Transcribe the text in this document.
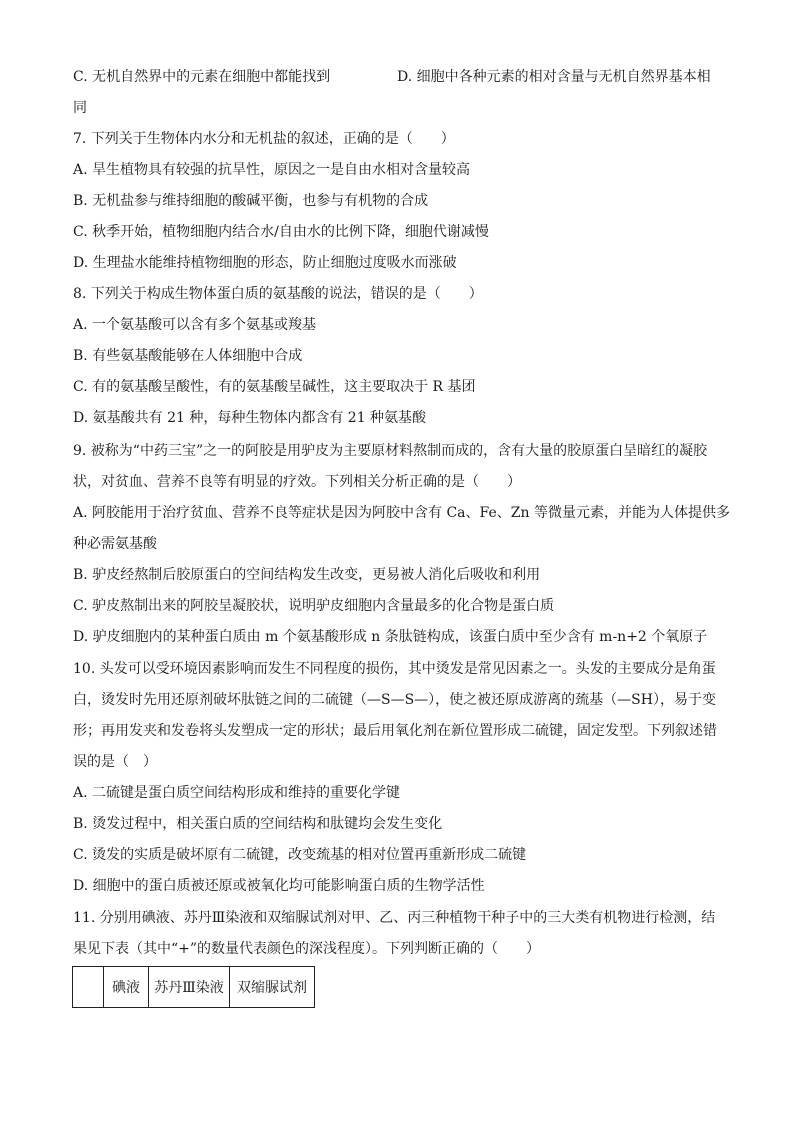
C. 无机自然界中的元素在细胞中都能找到	D. 细胞中各种元素的相对含量与无机自然界基本相
同
7. 下列关于生物体内水分和无机盐的叙述，正确的是（　　）
A. 旱生植物具有较强的抗旱性，原因之一是自由水相对含量较高
B. 无机盐参与维持细胞的酸碱平衡，也参与有机物的合成
C. 秋季开始，植物细胞内结合水/自由水的比例下降，细胞代谢减慢
D. 生理盐水能维持植物细胞的形态，防止细胞过度吸水而涨破
8. 下列关于构成生物体蛋白质的氨基酸的说法，错误的是（　　）
A. 一个氨基酸可以含有多个氨基或羧基
B. 有些氨基酸能够在人体细胞中合成
C. 有的氨基酸呈酸性，有的氨基酸呈碱性，这主要取决于 R 基团
D. 氨基酸共有 21 种，每种生物体内都含有 21 种氨基酸
9. 被称为“中药三宝”之一的阿胶是用驴皮为主要原材料熬制而成的，含有大量的胶原蛋白呈暗红的凝胶
状，对贫血、营养不良等有明显的疗效。下列相关分析正确的是（　　）
A. 阿胶能用于治疗贫血、营养不良等症状是因为阿胶中含有 Ca、Fe、Zn 等微量元素，并能为人体提供多
种必需氨基酸
B. 驴皮经熬制后胶原蛋白的空间结构发生改变，更易被人消化后吸收和利用
C. 驴皮熬制出来的阿胶呈凝胶状，说明驴皮细胞内含量最多的化合物是蛋白质
D. 驴皮细胞内的某种蛋白质由 m 个氨基酸形成 n 条肽链构成，该蛋白质中至少含有 m-n+2 个氧原子
10. 头发可以受环境因素影响而发生不同程度的损伤，其中烫发是常见因素之一。头发的主要成分是角蛋
白，烫发时先用还原剂破坏肽链之间的二硫键（—S—S—），使之被还原成游离的巯基（—SH），易于变
形；再用发夹和发卷将头发塑成一定的形状；最后用氧化剂在新位置形成二硫键，固定发型。下列叙述错
误的是（　）
A. 二硫键是蛋白质空间结构形成和维持的重要化学键
B. 烫发过程中，相关蛋白质的空间结构和肽键均会发生变化
C. 烫发的实质是破坏原有二硫键，改变巯基的相对位置再重新形成二硫键
D. 细胞中的蛋白质被还原或被氧化均可能影响蛋白质的生物学活性
11. 分别用碘液、苏丹Ⅲ染液和双缩脲试剂对甲、乙、丙三种植物干种子中的三大类有机物进行检测，结
果见下表（其中“+”的数量代表颜色的深浅程度）。下列判断正确的（　　）
	碘液	苏丹Ⅲ染液	双缩脲试剂
